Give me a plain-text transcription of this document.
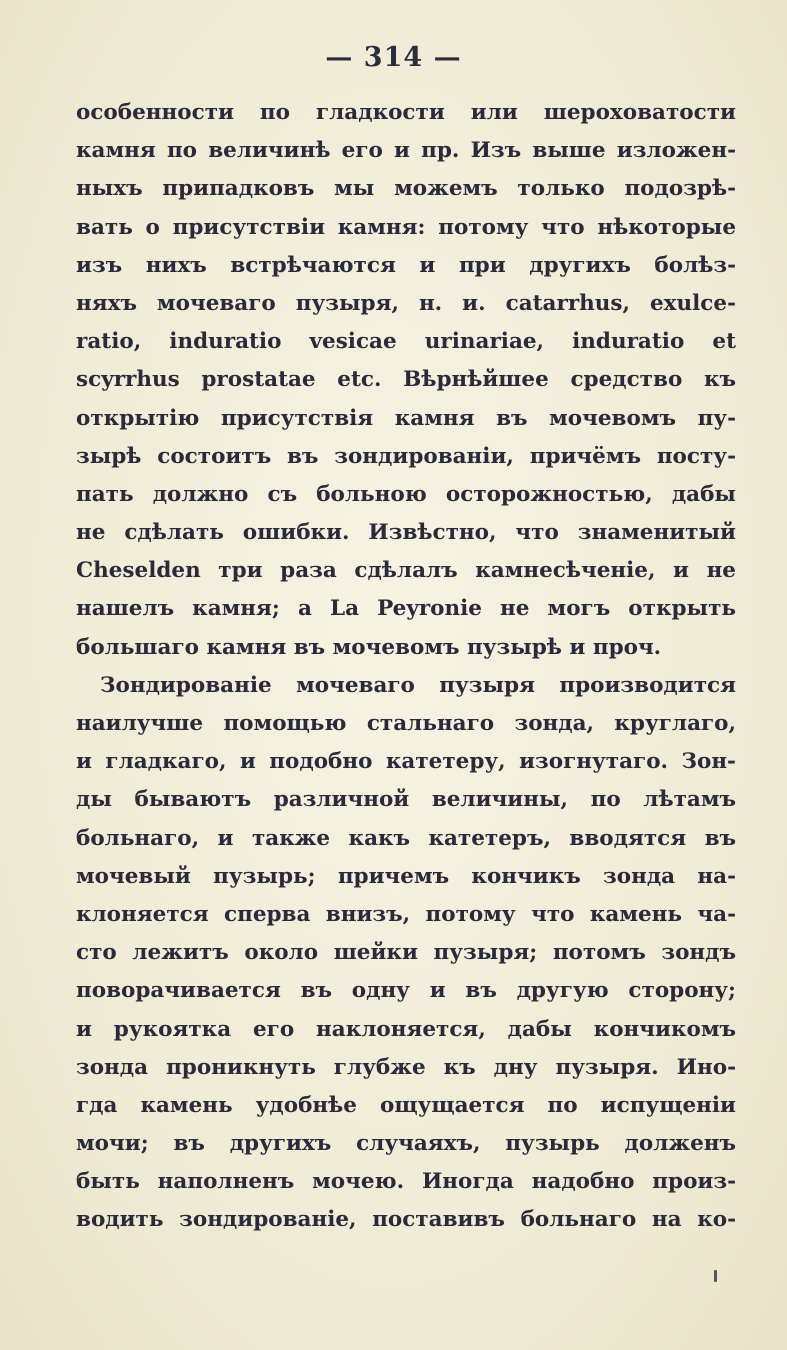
— 314 —
особенности по гладкости или шероховатости
камня по величинѣ его и пр. Изъ выше изложен-
ныхъ припадковъ мы можемъ только подозрѣ-
вать о присутствіи камня: потому что нѣкоторые
изъ нихъ встрѣчаются и при другихъ болѣз-
няхъ мочеваго пузыря, н. и. catarrhus, exulce-
ratio, induratio vesicae urinariae, induratio et
scyrrhus prostatae etc. Вѣрнѣйшее средство къ
открытію присутствія камня въ мочевомъ пу-
зырѣ состоитъ въ зондированіи, причёмъ посту-
пать должно съ больною осторожностью, дабы
не сдѣлать ошибки. Извѣстно, что знаменитый
Cheselden три раза сдѣлалъ камнесѣченіе, и не
нашелъ камня; а La Peyronie не могъ открыть
большаго камня въ мочевомъ пузырѣ и проч.
Зондированіе мочеваго пузыря производится
наилучше помощью стальнаго зонда, круглаго,
и гладкаго, и подобно катетеру, изогнутаго. Зон-
ды бываютъ различной величины, по лѣтамъ
больнаго, и также какъ катетеръ, вводятся въ
мочевый пузырь; причемъ кончикъ зонда на-
клоняется сперва внизъ, потому что камень ча-
сто лежитъ около шейки пузыря; потомъ зондъ
поворачивается въ одну и въ другую сторону;
и рукоятка его наклоняется, дабы кончикомъ
зонда проникнуть глубже къ дну пузыря. Ино-
гда камень удобнѣе ощущается по испущеніи
мочи; въ другихъ случаяхъ, пузырь долженъ
быть наполненъ мочею. Иногда надобно произ-
водить зондированіе, поставивъ больнаго на ко-
